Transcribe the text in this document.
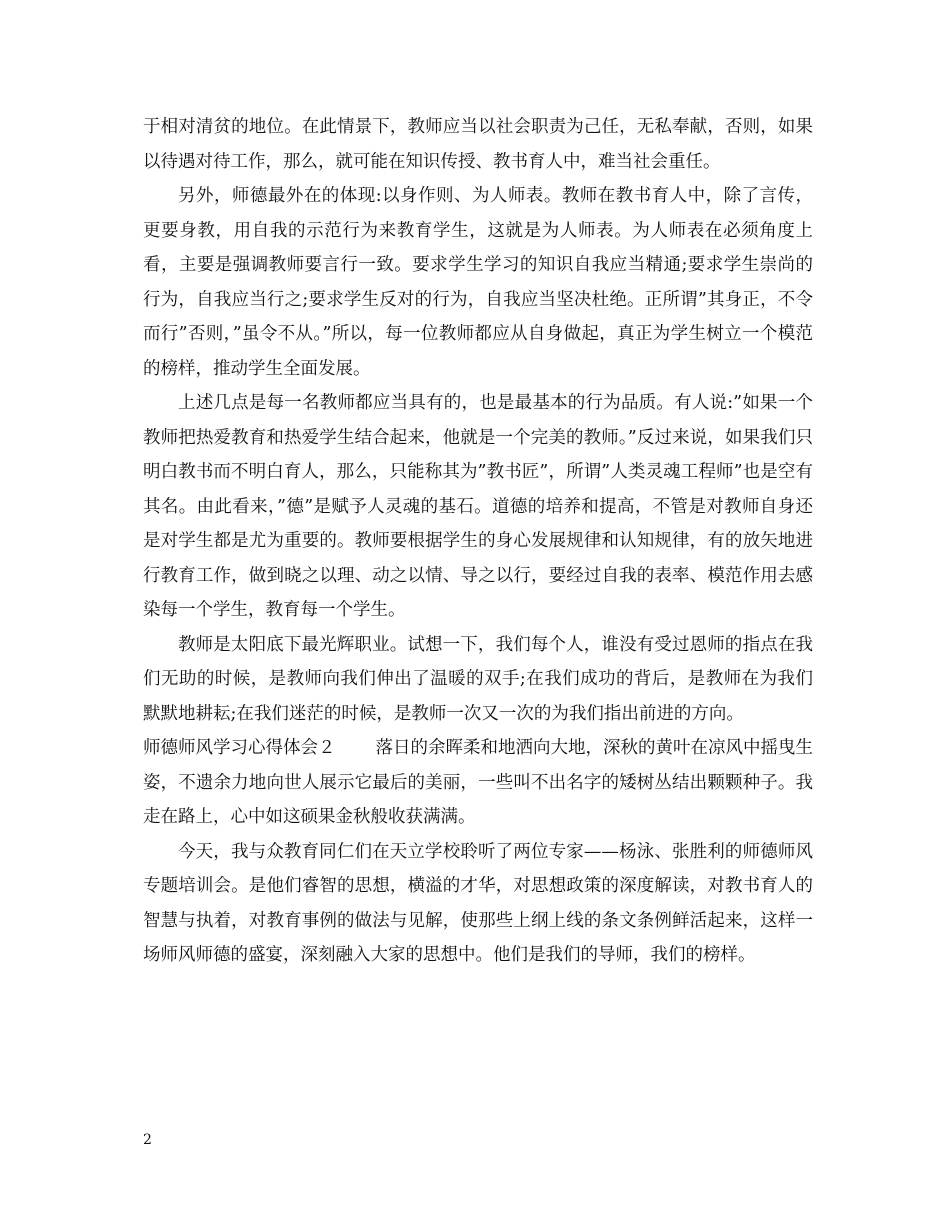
于相对清贫的地位。在此情景下，教师应当以社会职责为己任，无私奉献，否则，如果以待遇对待工作，那么，就可能在知识传授、教书育人中，难当社会重任。

另外，师德最外在的体现:以身作则、为人师表。教师在教书育人中，除了言传，更要身教，用自我的示范行为来教育学生，这就是为人师表。为人师表在必须角度上看，主要是强调教师要言行一致。要求学生学习的知识自我应当精通;要求学生崇尚的行为，自我应当行之;要求学生反对的行为，自我应当坚决杜绝。正所谓”其身正，不令而行”否则，”虽令不从。”所以，每一位教师都应从自身做起，真正为学生树立一个模范的榜样，推动学生全面发展。

上述几点是每一名教师都应当具有的，也是最基本的行为品质。有人说:”如果一个教师把热爱教育和热爱学生结合起来，他就是一个完美的教师。”反过来说，如果我们只明白教书而不明白育人，那么，只能称其为”教书匠”，所谓”人类灵魂工程师”也是空有其名。由此看来，”德”是赋予人灵魂的基石。道德的培养和提高，不管是对教师自身还是对学生都是尤为重要的。教师要根据学生的身心发展规律和认知规律，有的放矢地进行教育工作，做到晓之以理、动之以情、导之以行，要经过自我的表率、模范作用去感染每一个学生，教育每一个学生。

教师是太阳底下最光辉职业。试想一下，我们每个人，谁没有受过恩师的指点在我们无助的时候，是教师向我们伸出了温暖的双手;在我们成功的背后，是教师在为我们默默地耕耘;在我们迷茫的时候，是教师一次又一次的为我们指出前进的方向。

师德师风学习心得体会２ 落日的余晖柔和地洒向大地，深秋的黄叶在凉风中摇曳生姿，不遗余力地向世人展示它最后的美丽，一些叫不出名字的矮树丛结出颗颗种子。我走在路上，心中如这硕果金秋般收获满满。

今天，我与众教育同仁们在天立学校聆听了两位专家——杨泳、张胜利的师德师风专题培训会。是他们睿智的思想，横溢的才华，对思想政策的深度解读，对教书育人的智慧与执着，对教育事例的做法与见解，使那些上纲上线的条文条例鲜活起来，这样一场师风师德的盛宴，深刻融入大家的思想中。他们是我们的导师，我们的榜样。

2
